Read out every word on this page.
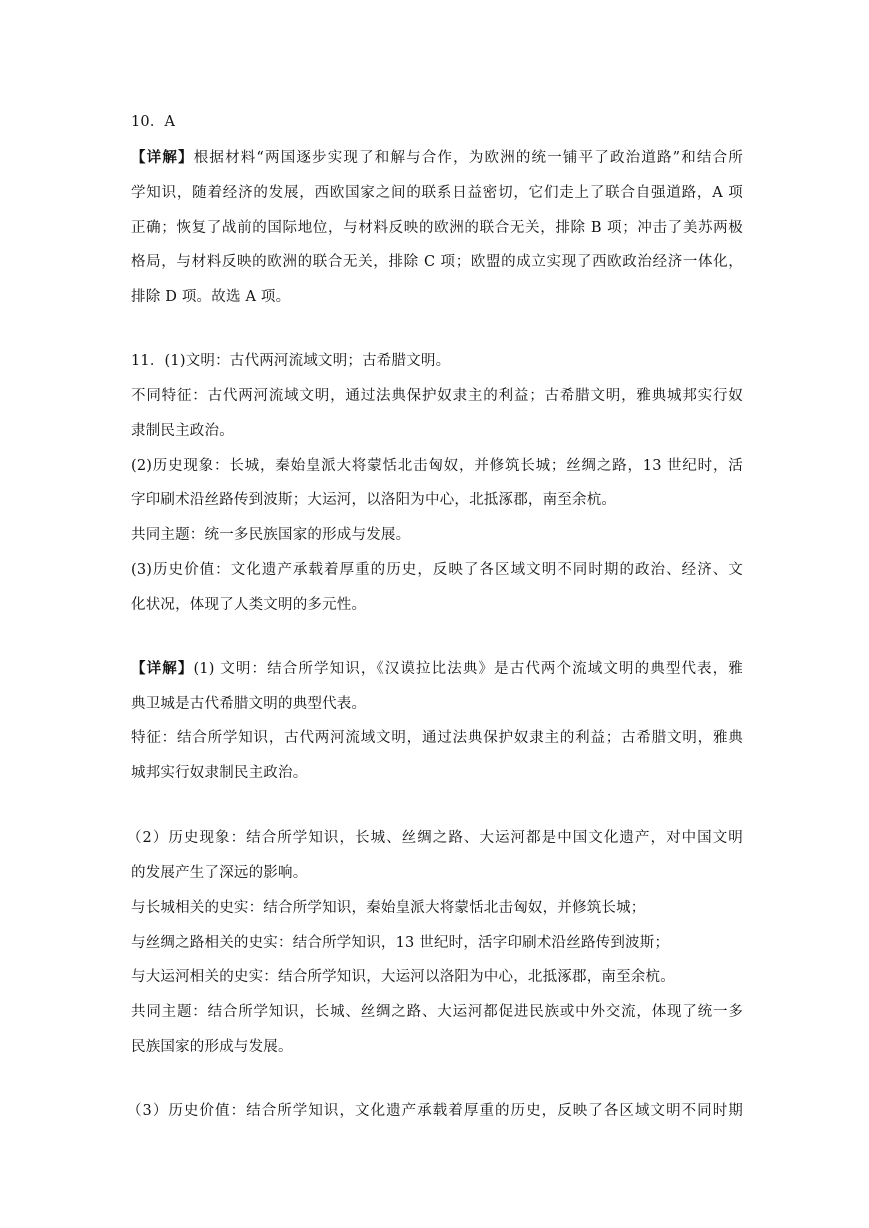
10．A
【详解】根据材料“两国逐步实现了和解与合作，为欧洲的统一铺平了政治道路”和结合所
学知识，随着经济的发展，西欧国家之间的联系日益密切，它们走上了联合自强道路，A 项
正确；恢复了战前的国际地位，与材料反映的欧洲的联合无关，排除 B 项；冲击了美苏两极
格局，与材料反映的欧洲的联合无关，排除 C 项；欧盟的成立实现了西欧政治经济一体化，
排除 D 项。故选 A 项。
11．(1)文明：古代两河流域文明；古希腊文明。
不同特征：古代两河流域文明，通过法典保护奴隶主的利益；古希腊文明，雅典城邦实行奴
隶制民主政治。
(2)历史现象：长城，秦始皇派大将蒙恬北击匈奴，并修筑长城；丝绸之路，13 世纪时，活
字印刷术沿丝路传到波斯；大运河，以洛阳为中心，北抵涿郡，南至余杭。
共同主题：统一多民族国家的形成与发展。
(3)历史价值：文化遗产承载着厚重的历史，反映了各区域文明不同时期的政治、经济、文
化状况，体现了人类文明的多元性。
【详解】(1) 文明：结合所学知识，《汉谟拉比法典》是古代两个流域文明的典型代表，雅
典卫城是古代希腊文明的典型代表。
特征：结合所学知识，古代两河流域文明，通过法典保护奴隶主的利益；古希腊文明，雅典
城邦实行奴隶制民主政治。
（2）历史现象：结合所学知识，长城、丝绸之路、大运河都是中国文化遗产，对中国文明
的发展产生了深远的影响。
与长城相关的史实：结合所学知识，秦始皇派大将蒙恬北击匈奴，并修筑长城；
与丝绸之路相关的史实：结合所学知识，13 世纪时，活字印刷术沿丝路传到波斯；
与大运河相关的史实：结合所学知识，大运河以洛阳为中心，北抵涿郡，南至余杭。
共同主题：结合所学知识，长城、丝绸之路、大运河都促进民族或中外交流，体现了统一多
民族国家的形成与发展。
（3）历史价值：结合所学知识，文化遗产承载着厚重的历史，反映了各区域文明不同时期
